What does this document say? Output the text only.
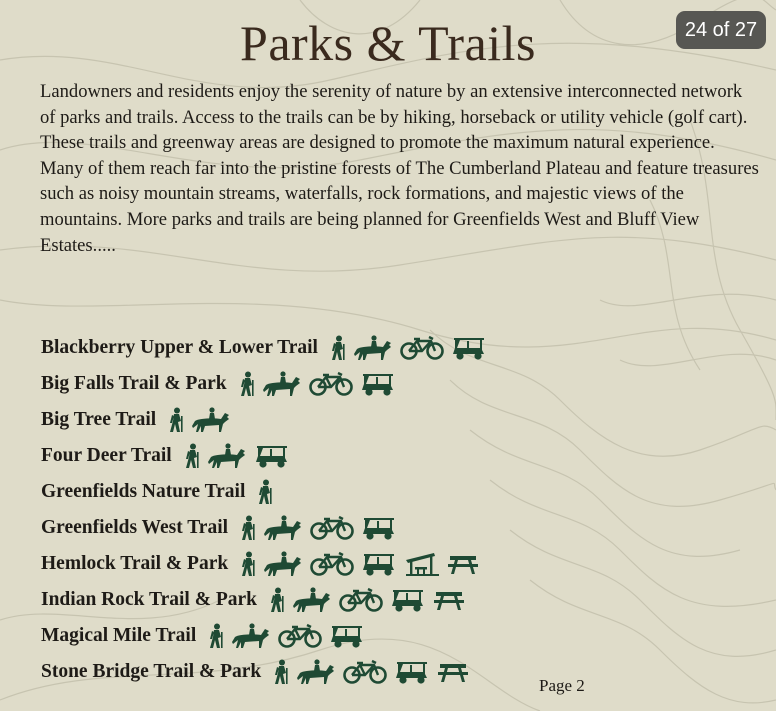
24 of 27
Parks & Trails

Landowners and residents enjoy the serenity of nature by an extensive interconnected network of parks and trails. Access to the trails can be by hiking, horseback or utility vehicle (golf cart). These trails and greenway areas are designed to promote the maximum natural experience. Many of them reach far into the pristine forests of The Cumberland Plateau and feature treasures such as noisy mountain streams, waterfalls, rock formations, and majestic views of the mountains. More parks and trails are being planned for Greenfields West and Bluff View Estates.....

Blackberry Upper & Lower Trail
Big Falls Trail & Park
Big Tree Trail
Four Deer Trail
Greenfields Nature Trail
Greenfields West Trail
Hemlock Trail & Park
Indian Rock Trail & Park
Magical Mile Trail
Stone Bridge Trail & Park
Page 2
